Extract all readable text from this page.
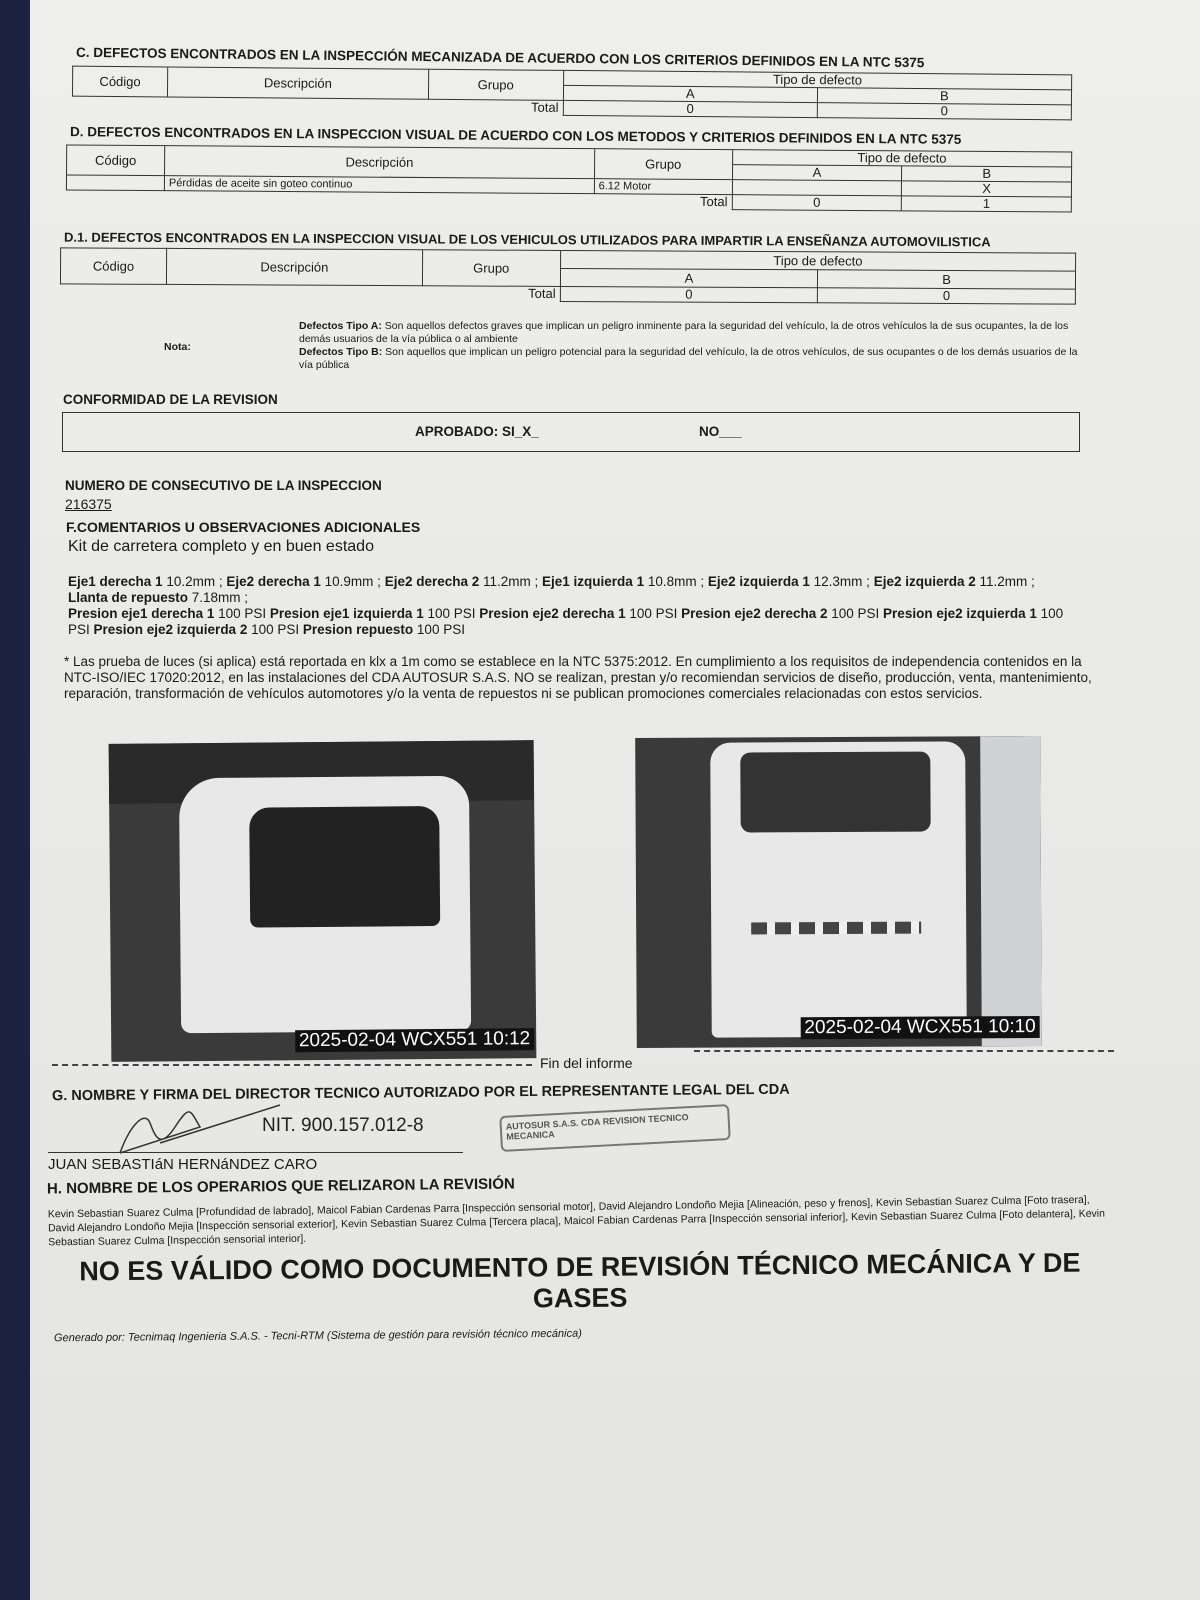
C. DEFECTOS ENCONTRADOS EN LA INSPECCIÓN MECANIZADA DE ACUERDO CON LOS CRITERIOS DEFINIDOS EN LA NTC 5375
Código	Descripción	Grupo	Tipo de defecto	
			A	B
Total			0	0
D. DEFECTOS ENCONTRADOS EN LA INSPECCION VISUAL DE ACUERDO CON LOS METODOS Y CRITERIOS DEFINIDOS EN LA NTC 5375
Código	Descripción	Grupo	Tipo de defecto	
			A	B
	Pérdidas de aceite sin goteo continuo	6.12 Motor		X
Total			0	1
D.1. DEFECTOS ENCONTRADOS EN LA INSPECCION VISUAL DE LOS VEHICULOS UTILIZADOS PARA IMPARTIR LA ENSEÑANZA AUTOMOVILISTICA
Código	Descripción	Grupo	Tipo de defecto	
			A	B
Total			0	0
Nota:
Defectos Tipo A: Son aquellos defectos graves que implican un peligro inminente para la seguridad del vehículo, la de otros vehículos la de sus ocupantes, la de los demás usuarios de la vía pública o al ambiente
Defectos Tipo B: Son aquellos que implican un peligro potencial para la seguridad del vehículo, la de otros vehículos, de sus ocupantes o de los demás usuarios de la vía pública
CONFORMIDAD DE LA REVISION
APROBADO: SI_X_	NO___
NUMERO DE CONSECUTIVO DE LA INSPECCION
216375
F.COMENTARIOS U OBSERVACIONES ADICIONALES
Kit de carretera completo y en buen estado
Eje1 derecha 1 10.2mm ; Eje2 derecha 1 10.9mm ; Eje2 derecha 2 11.2mm ; Eje1 izquierda 1 10.8mm ; Eje2 izquierda 1 12.3mm ; Eje2 izquierda 2 11.2mm ; Llanta de repuesto 7.18mm ;
Presion eje1 derecha 1 100 PSI Presion eje1 izquierda 1 100 PSI Presion eje2 derecha 1 100 PSI Presion eje2 derecha 2 100 PSI Presion eje2 izquierda 1 100 PSI Presion eje2 izquierda 2 100 PSI Presion repuesto 100 PSI
* Las prueba de luces (si aplica) está reportada en klx a 1m como se establece en la NTC 5375:2012. En cumplimiento a los requisitos de independencia contenidos en la NTC-ISO/IEC 17020:2012, en las instalaciones del CDA AUTOSUR S.A.S. NO se realizan, prestan y/o recomiendan servicios de diseño, producción, venta, mantenimiento, reparación, transformación de vehículos automotores y/o la venta de repuestos ni se publican promociones comerciales relacionadas con estos servicios.
2025-02-04 WCX551 10:12
2025-02-04 WCX551 10:10
Fin del informe
G. NOMBRE Y FIRMA DEL DIRECTOR TECNICO AUTORIZADO POR EL REPRESENTANTE LEGAL DEL CDA
AUTOSUR S.A.S. CDA REVISION TECNICO MECANICA
NIT. 900.157.012-8
JUAN SEBASTIáN HERNáNDEZ CARO
H. NOMBRE DE LOS OPERARIOS QUE RELIZARON LA REVISIÓN
Kevin Sebastian Suarez Culma [Profundidad de labrado], Maicol Fabian Cardenas Parra [Inspección sensorial motor], David Alejandro Londoño Mejia [Alineación, peso y frenos], Kevin Sebastian Suarez Culma [Foto trasera], David Alejandro Londoño Mejia [Inspección sensorial exterior], Kevin Sebastian Suarez Culma [Tercera placa], Maicol Fabian Cardenas Parra [Inspección sensorial inferior], Kevin Sebastian Suarez Culma [Foto delantera], Kevin Sebastian Suarez Culma [Inspección sensorial interior].
NO ES VÁLIDO COMO DOCUMENTO DE REVISIÓN TÉCNICO MECÁNICA Y DE GASES
Generado por: Tecnimaq Ingenieria S.A.S. - Tecni-RTM (Sistema de gestión para revisión técnico mecánica)
